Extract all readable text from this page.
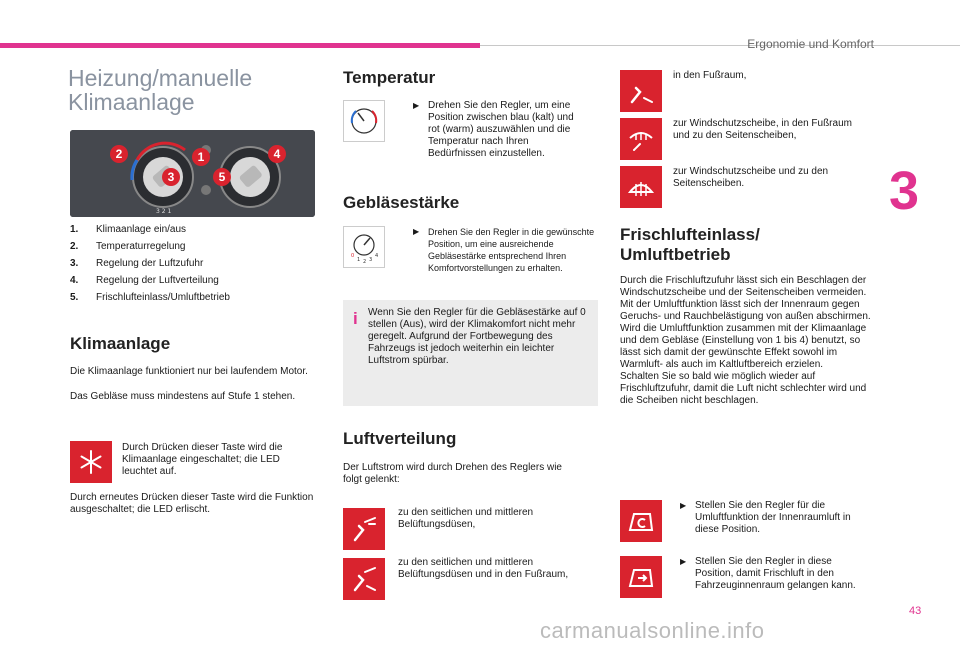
Ergonomie und Komfort
3
43
carmanualsonline.info
Heizung/manuelle Klimaanlage
3 2 1
2	1	4
3	5
1.	Klimaanlage ein/aus
2.	Temperaturregelung
3.	Regelung der Luftzufuhr
4.	Regelung der Luftverteilung
5.	Frischlufteinlass/Umluftbetrieb
Klimaanlage

Die Klimaanlage funktioniert nur bei laufendem Motor.

Das Gebläse muss mindestens auf Stufe 1 stehen.

Durch Drücken dieser Taste wird die Klimaanlage eingeschaltet; die LED leuchtet auf.

Durch erneutes Drücken dieser Taste wird die Funktion ausgeschaltet; die LED erlischt.

Temperatur
▶ Drehen Sie den Regler, um eine Position zwischen blau (kalt) und rot (warm) auszuwählen und die Temperatur nach Ihren Bedürfnissen einzustellen.
Gebläsestärke
0
1 2 3
4
▶ Drehen Sie den Regler in die gewünschte Position, um eine ausreichende Gebläsestärke entsprechend Ihren Komfortvorstellungen zu erhalten.
i Wenn Sie den Regler für die Gebläsestärke auf 0 stellen (Aus), wird der Klimakomfort nicht mehr geregelt. Aufgrund der Fortbewegung des Fahrzeugs ist jedoch weiterhin ein leichter Luftstrom spürbar.

Luftverteilung

Der Luftstrom wird durch Drehen des Reglers wie folgt gelenkt:

zu den seitlichen und mittleren Belüftungsdüsen,

zu den seitlichen und mittleren Belüftungsdüsen und in den Fußraum,

in den Fußraum,

zur Windschutzscheibe, in den Fußraum und zu den Seitenscheiben,

zur Windschutzscheibe und zu den Seitenscheiben.

Frischlufteinlass/ Umluftbetrieb

Durch die Frischluftzufuhr lässt sich ein Beschlagen der Windschutzscheibe und der Seitenscheiben vermeiden.
Mit der Umluftfunktion lässt sich der Innenraum gegen Geruchs- und Rauchbelästigung von außen abschirmen.
Wird die Umluftfunktion zusammen mit der Klimaanlage und dem Gebläse (Einstellung von 1 bis 4) benutzt, so lässt sich damit der gewünschte Effekt sowohl im Warmluft- als auch im Kaltluftbereich erzielen.
Schalten Sie so bald wie möglich wieder auf Frischluftzufuhr, damit die Luft nicht schlechter wird und die Scheiben nicht beschlagen.

▶ Stellen Sie den Regler für die Umluftfunktion der Innenraumluft in diese Position.
▶ Stellen Sie den Regler in diese Position, damit Frischluft in den Fahrzeuginnenraum gelangen kann.
